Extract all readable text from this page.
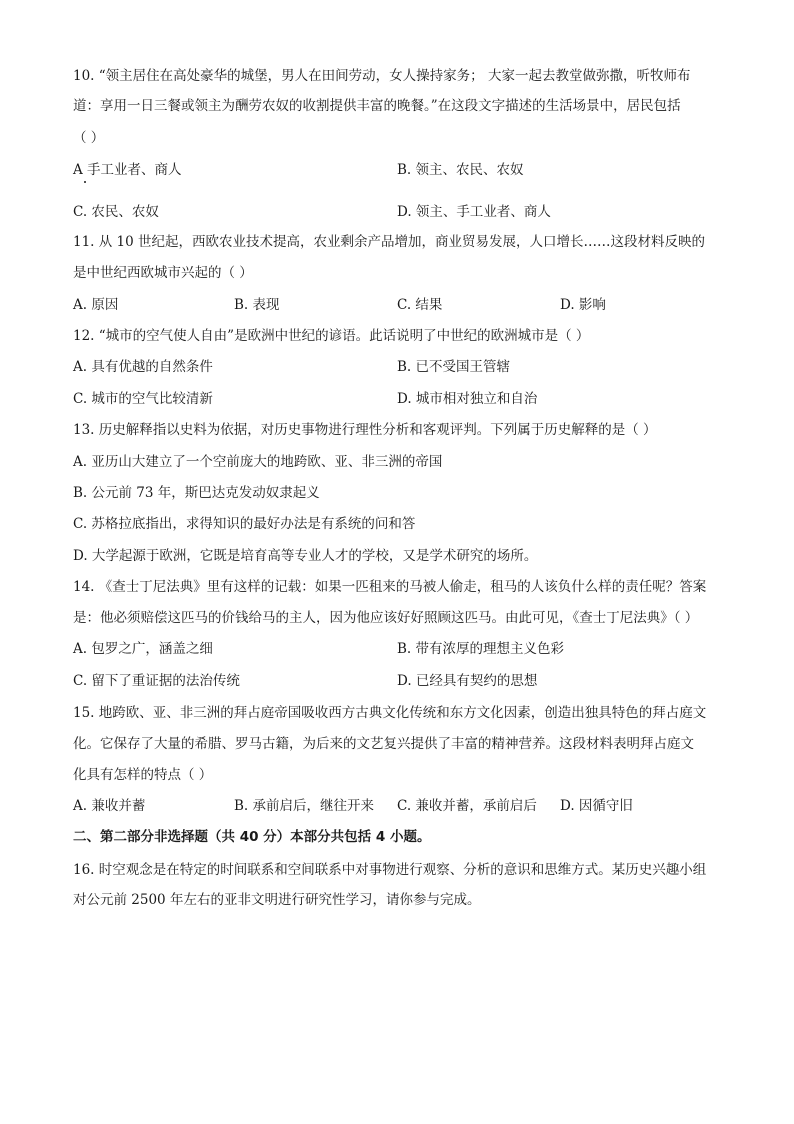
10. “领主居住在高处豪华的城堡，男人在田间劳动，女人操持家务； 大家一起去教堂做弥撒，听牧师布
道：享用一日三餐或领主为酬劳农奴的收割提供丰富的晚餐。”在这段文字描述的生活场景中，居民包括
（ ）
A 手工业者、商人	B. 领主、农民、农奴
C. 农民、农奴	D. 领主、手工业者、商人
11. 从 10 世纪起，西欧农业技术提高，农业剩余产品增加，商业贸易发展，人口增长……这段材料反映的
是中世纪西欧城市兴起的（ ）
A. 原因	B. 表现	C. 结果	D. 影响
12. “城市的空气使人自由”是欧洲中世纪的谚语。此话说明了中世纪的欧洲城市是（ ）
A. 具有优越的自然条件	B. 已不受国王管辖
C. 城市的空气比较清新	D. 城市相对独立和自治
13. 历史解释指以史料为依据，对历史事物进行理性分析和客观评判。下列属于历史解释的是（ ）
A. 亚历山大建立了一个空前庞大的地跨欧、亚、非三洲的帝国
B. 公元前 73 年，斯巴达克发动奴隶起义
C. 苏格拉底指出，求得知识的最好办法是有系统的问和答
D. 大学起源于欧洲，它既是培育高等专业人才的学校，又是学术研究的场所。
14. 《查士丁尼法典》里有这样的记载：如果一匹租来的马被人偷走，租马的人该负什么样的责任呢？答案
是：他必须赔偿这匹马的价钱给马的主人，因为他应该好好照顾这匹马。由此可见，《查士丁尼法典》（ ）
A. 包罗之广，涵盖之细	B. 带有浓厚的理想主义色彩
C. 留下了重证据的法治传统	D. 已经具有契约的思想
15. 地跨欧、亚、非三洲的拜占庭帝国吸收西方古典文化传统和东方文化因素，创造出独具特色的拜占庭文
化。它保存了大量的希腊、罗马古籍，为后来的文艺复兴提供了丰富的精神营养。这段材料表明拜占庭文
化具有怎样的特点（ ）
A. 兼收并蓄	B. 承前启后，继往开来 C. 兼收并蓄，承前启后 D. 因循守旧
二、第二部分非选择题（共 40 分）本部分共包括 4 小题。
16. 时空观念是在特定的时间联系和空间联系中对事物进行观察、分析的意识和思维方式。某历史兴趣小组
对公元前 2500 年左右的亚非文明进行研究性学习，请你参与完成。
